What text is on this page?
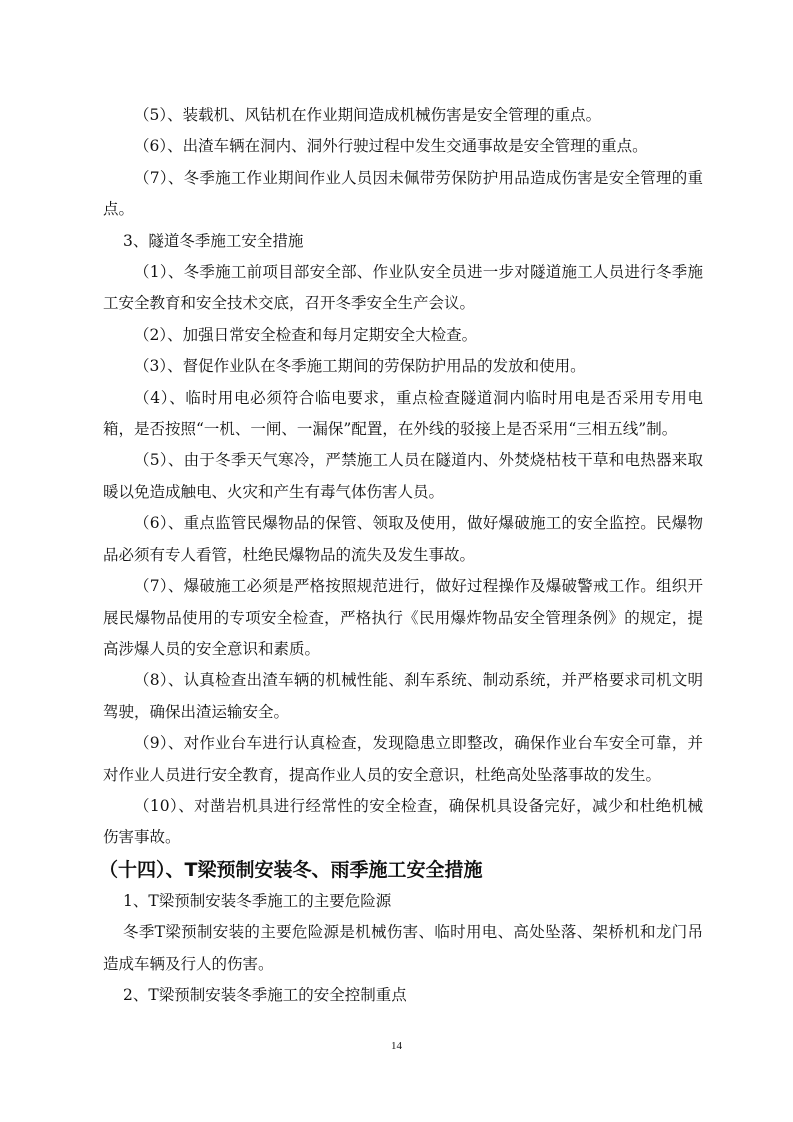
（5）、装载机、风钻机在作业期间造成机械伤害是安全管理的重点。

（6）、出渣车辆在洞内、洞外行驶过程中发生交通事故是安全管理的重点。

（7）、冬季施工作业期间作业人员因未佩带劳保防护用品造成伤害是安全管理的重点。

3、隧道冬季施工安全措施

（1）、冬季施工前项目部安全部、作业队安全员进一步对隧道施工人员进行冬季施工安全教育和安全技术交底，召开冬季安全生产会议。

（2）、加强日常安全检查和每月定期安全大检查。

（3）、督促作业队在冬季施工期间的劳保防护用品的发放和使用。

（4）、临时用电必须符合临电要求，重点检查隧道洞内临时用电是否采用专用电箱，是否按照“一机、一闸、一漏保”配置，在外线的驳接上是否采用“三相五线”制。

（5）、由于冬季天气寒冷，严禁施工人员在隧道内、外焚烧枯枝干草和电热器来取暖以免造成触电、火灾和产生有毒气体伤害人员。

（6）、重点监管民爆物品的保管、领取及使用，做好爆破施工的安全监控。民爆物品必须有专人看管，杜绝民爆物品的流失及发生事故。

（7）、爆破施工必须是严格按照规范进行，做好过程操作及爆破警戒工作。组织开展民爆物品使用的专项安全检查，严格执行《民用爆炸物品安全管理条例》的规定，提高涉爆人员的安全意识和素质。

（8）、认真检查出渣车辆的机械性能、刹车系统、制动系统，并严格要求司机文明驾驶，确保出渣运输安全。

（9）、对作业台车进行认真检查，发现隐患立即整改，确保作业台车安全可靠，并对作业人员进行安全教育，提高作业人员的安全意识，杜绝高处坠落事故的发生。

（10）、对凿岩机具进行经常性的安全检查，确保机具设备完好，减少和杜绝机械伤害事故。

（十四）、T梁预制安装冬、雨季施工安全措施

1、T梁预制安装冬季施工的主要危险源

冬季T梁预制安装的主要危险源是机械伤害、临时用电、高处坠落、架桥机和龙门吊造成车辆及行人的伤害。

2、T梁预制安装冬季施工的安全控制重点

14
